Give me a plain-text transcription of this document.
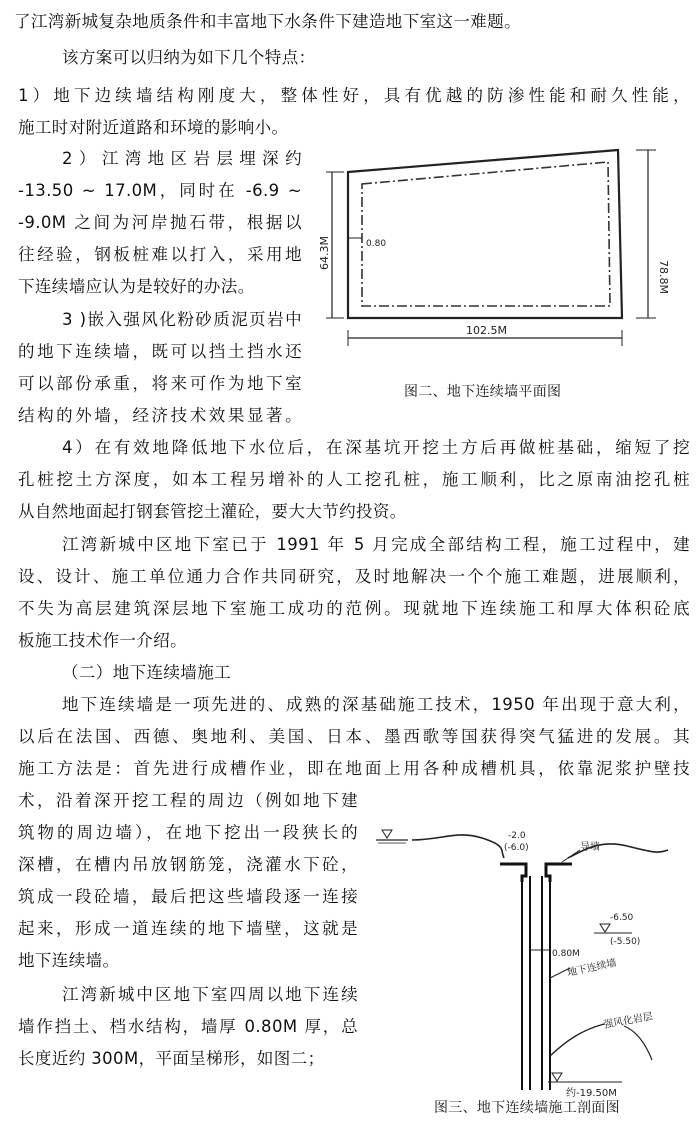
了江湾新城复杂地质条件和丰富地下水条件下建造地下室这一难题。
该方案可以归纳为如下几个特点：
1）地下边续墙结构刚度大，整体性好，具有优越的防渗性能和耐久性能，
施工时对附近道路和环境的影响小。
2）江湾地区岩层埋深约
-13.50 ~ 17.0M，同时在 -6.9 ~
-9.0M 之间为河岸抛石带，根据以
往经验，钢板桩难以打入，采用地
下连续墙应认为是较好的办法。
3 )嵌入强风化粉砂质泥页岩中
的地下连续墙，既可以挡土挡水还
可以部份承重，将来可作为地下室
结构的外墙，经济技术效果显著。
4）在有效地降低地下水位后，在深基坑开挖土方后再做桩基础，缩短了挖
孔桩挖土方深度，如本工程另增补的人工挖孔桩，施工顺利，比之原南油挖孔桩
从自然地面起打钢套管挖土灌砼，要大大节约投资。
江湾新城中区地下室已于 1991 年 5 月完成全部结构工程，施工过程中，建
设、设计、施工单位通力合作共同研究，及时地解决一个个施工难题，进展顺利，
不失为高层建筑深层地下室施工成功的范例。现就地下连续施工和厚大体积砼底
板施工技术作一介绍。
（二）地下连续墙施工
地下连续墙是一项先进的、成熟的深基础施工技术，1950 年出现于意大利，
以后在法国、西德、奥地利、美国、日本、墨西歌等国获得突气猛进的发展。其
施工方法是：首先进行成槽作业，即在地面上用各种成槽机具，依靠泥浆护壁技
术，沿着深开挖工程的周边（例如地下建
筑物的周边墙），在地下挖出一段狭长的
深槽，在槽内吊放钢筋笼，浇灌水下砼，
筑成一段砼墙，最后把这些墙段逐一连接
起来，形成一道连续的地下墙壁，这就是
地下连续墙。
江湾新城中区地下室四周以地下连续
墙作挡土、档水结构，墙厚 0.80M 厚，总
长度近约 300M，平面呈梯形，如图二；
64.3M
78.8M
102.5M
0.80
图二、地下连续墙平面图
-2.0
(-6.0)	导墙
-6.50
(-5.50)
0.80M
地下连续墙
强风化岩层
约-19.50M
图三、地下连续墙施工剖面图
